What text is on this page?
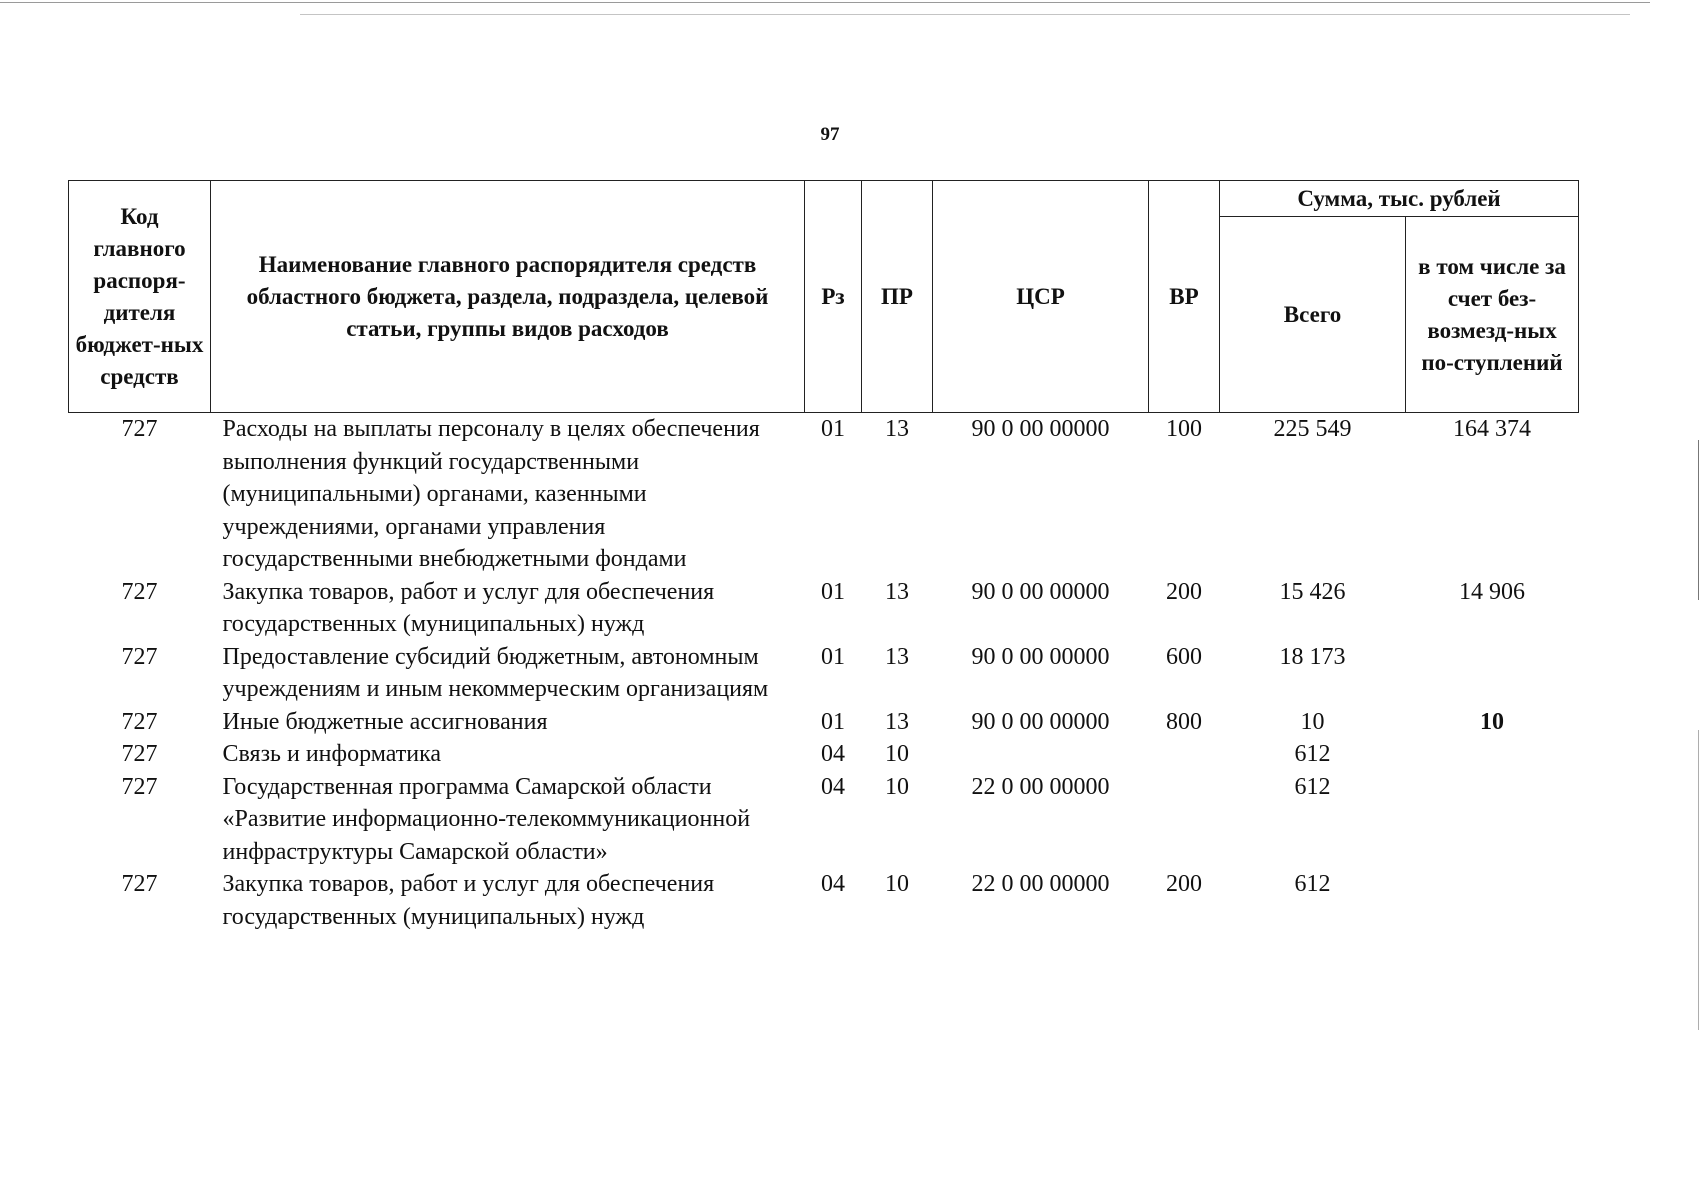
97
Код главного распоря-дителя бюджет-ных средств	Наименование главного распорядителя средств областного бюджета, раздела, подраздела, целевой статьи, группы видов расходов	Рз	ПР	ЦСР	ВР	Сумма, тыс. рублей	
						Всего	в том числе за счет без-возмезд-ных по-ступлений
727	Расходы на выплаты персоналу в целях обеспечения выполнения функций государственными (муниципальными) органами, казенными учреждениями, органами управления государственными внебюджетными фондами	01	13	90 0 00 00000	100	225 549	164 374
727	Закупка товаров, работ и услуг для обеспечения государственных (муниципальных) нужд	01	13	90 0 00 00000	200	15 426	14 906
727	Предоставление субсидий бюджетным, автономным учреждениям и иным некоммерческим организациям	01	13	90 0 00 00000	600	18 173	
727	Иные бюджетные ассигнования	01	13	90 0 00 00000	800	10	10
727	Связь и информатика	04	10			612	
727	Государственная программа Самарской области «Развитие информационно-телекоммуникационной инфраструктуры Самарской области»	04	10	22 0 00 00000		612	
727	Закупка товаров, работ и услуг для обеспечения государственных (муниципальных) нужд	04	10	22 0 00 00000	200	612	
